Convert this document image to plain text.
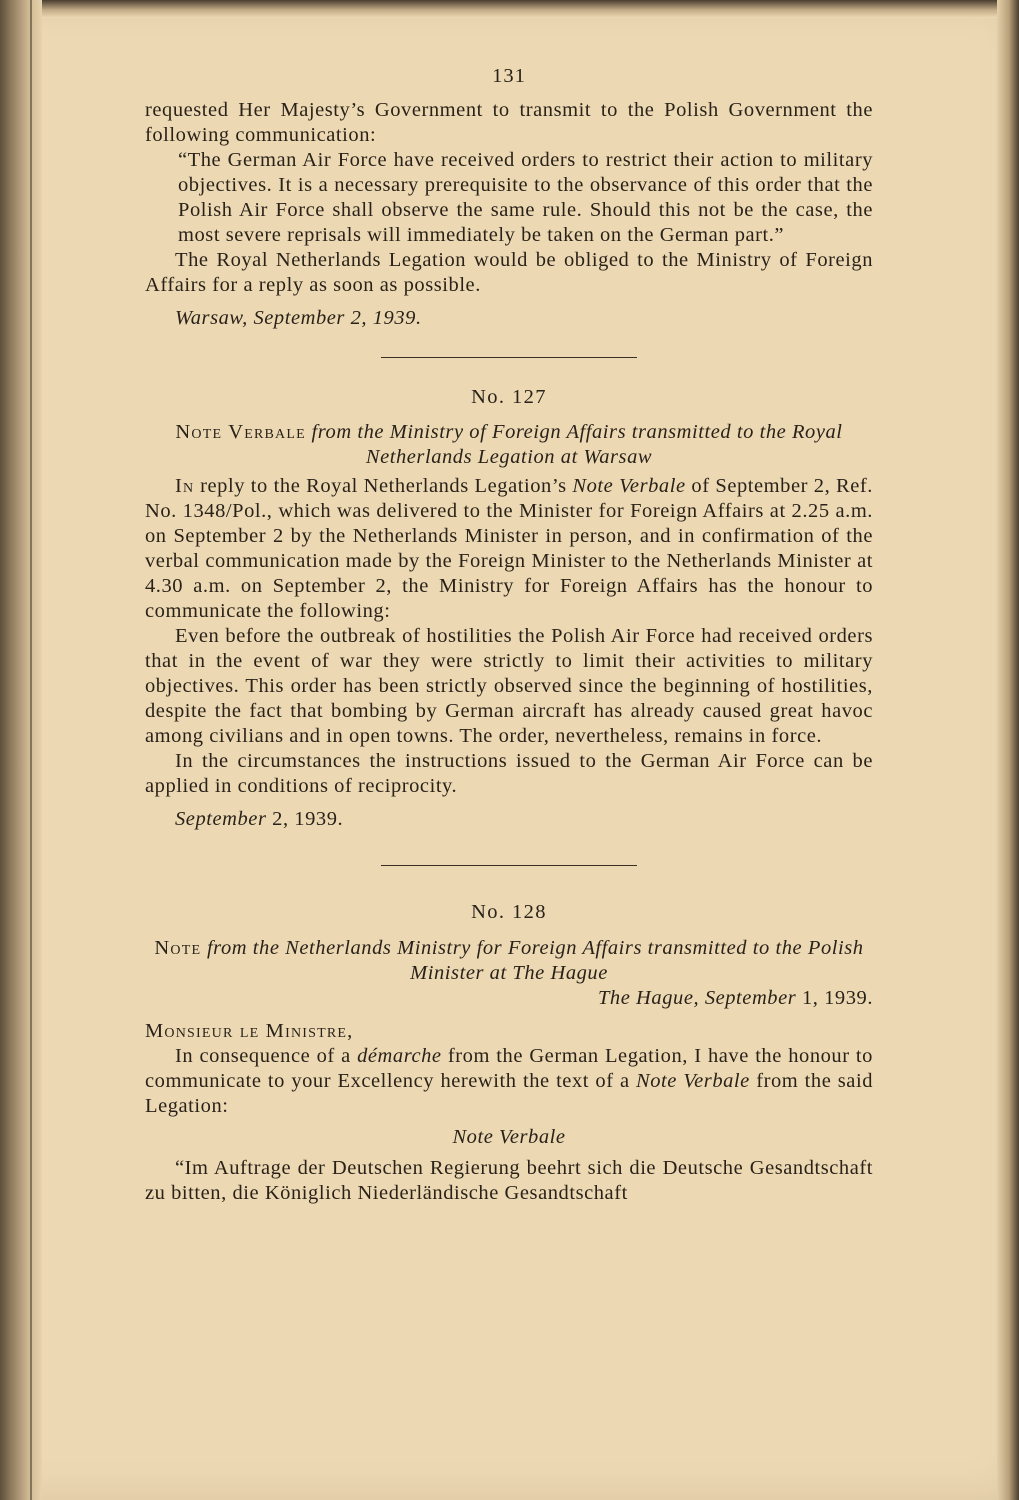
131

requested Her Majesty’s Government to transmit to the Polish Government the following communication:

“The German Air Force have received orders to restrict their action to military objectives. It is a necessary prerequisite to the observance of this order that the Polish Air Force shall observe the same rule. Should this not be the case, the most severe reprisals will immediately be taken on the German part.”

The Royal Netherlands Legation would be obliged to the Ministry of Foreign Affairs for a reply as soon as possible.

Warsaw, September 2, 1939.

No. 127

Note Verbale from the Ministry of Foreign Affairs transmitted to the Royal Netherlands Legation at Warsaw

In reply to the Royal Netherlands Legation’s Note Verbale of September 2, Ref. No. 1348/Pol., which was delivered to the Minister for Foreign Affairs at 2.25 a.m. on September 2 by the Netherlands Minister in person, and in confirmation of the verbal communication made by the Foreign Minister to the Netherlands Minister at 4.30 a.m. on September 2, the Ministry for Foreign Affairs has the honour to communicate the following:

Even before the outbreak of hostilities the Polish Air Force had received orders that in the event of war they were strictly to limit their activities to military objectives. This order has been strictly observed since the beginning of hostilities, despite the fact that bombing by German aircraft has already caused great havoc among civilians and in open towns. The order, nevertheless, remains in force.

In the circumstances the instructions issued to the German Air Force can be applied in conditions of reciprocity.

September 2, 1939.

No. 128

Note from the Netherlands Ministry for Foreign Affairs transmitted to the Polish Minister at The Hague

The Hague, September 1, 1939.

Monsieur le Ministre,

In consequence of a démarche from the German Legation, I have the honour to communicate to your Excellency herewith the text of a Note Verbale from the said Legation:

Note Verbale

“Im Auftrage der Deutschen Regierung beehrt sich die Deutsche Gesandtschaft zu bitten, die Königlich Niederländische Gesandtschaft
